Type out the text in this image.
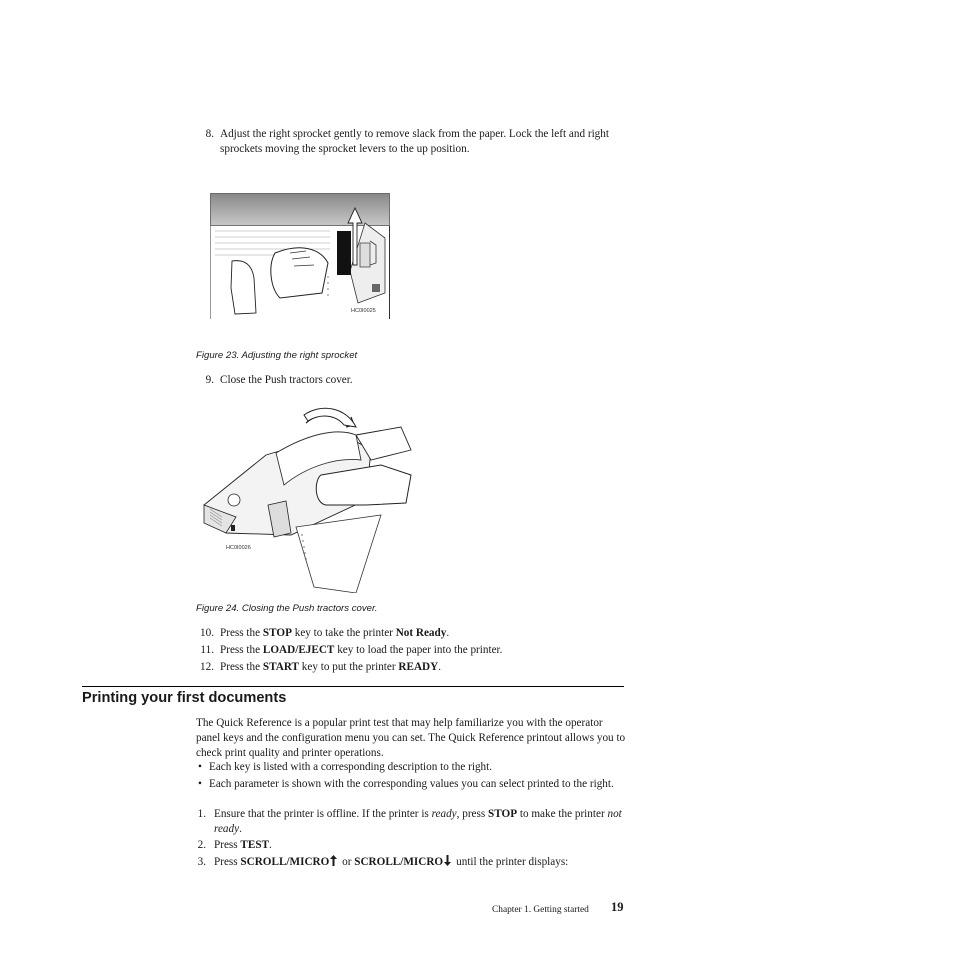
8. Adjust the right sprocket gently to remove slack from the paper. Lock the left and right sprockets moving the sprocket levers to the up position.
HC0I0025
Figure 23. Adjusting the right sprocket
9. Close the Push tractors cover.
HC0I0026
Figure 24. Closing the Push tractors cover.
10. Press the STOP key to take the printer Not Ready.
11. Press the LOAD/EJECT key to load the paper into the printer.
12. Press the START key to put the printer READY.
Printing your first documents
The Quick Reference is a popular print test that may help familiarize you with the operator panel keys and the configuration menu you can set. The Quick Reference printout allows you to check print quality and printer operations.
• Each key is listed with a corresponding description to the right.
• Each parameter is shown with the corresponding values you can select printed to the right.
1. Ensure that the printer is offline. If the printer is ready, press STOP to make the printer not ready.
2. Press TEST.
3. Press SCROLL/MICRO or SCROLL/MICRO until the printer displays:
Chapter 1. Getting started 19
